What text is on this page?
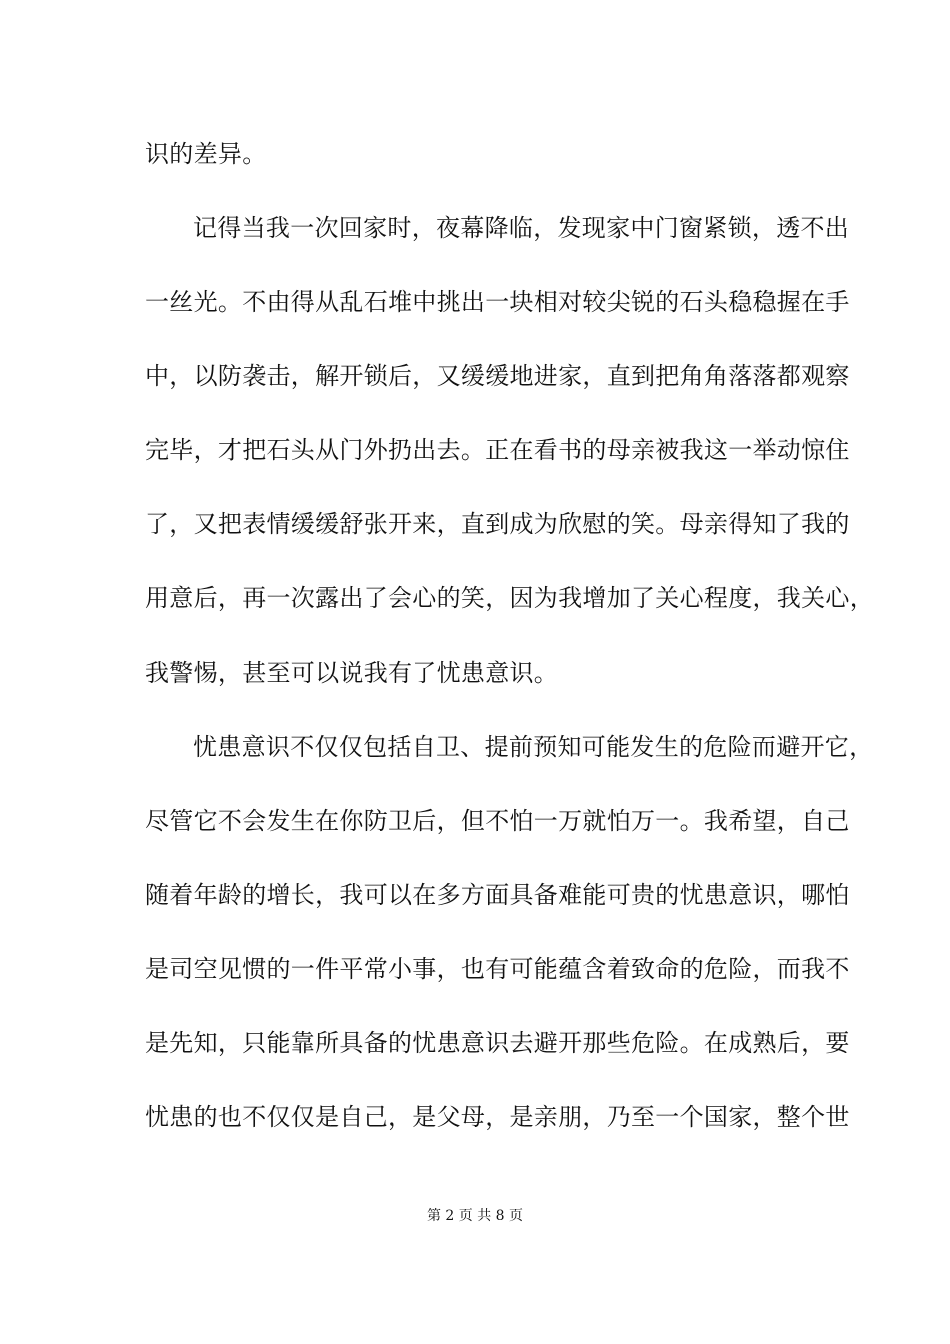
识的差异。
记得当我一次回家时，夜幕降临，发现家中门窗紧锁，透不出
一丝光。不由得从乱石堆中挑出一块相对较尖锐的石头稳稳握在手
中，以防袭击，解开锁后，又缓缓地进家，直到把角角落落都观察
完毕，才把石头从门外扔出去。正在看书的母亲被我这一举动惊住
了，又把表情缓缓舒张开来，直到成为欣慰的笑。母亲得知了我的
用意后，再一次露出了会心的笑，因为我增加了关心程度，我关心，
我警惕，甚至可以说我有了忧患意识。
忧患意识不仅仅包括自卫、提前预知可能发生的危险而避开它，
尽管它不会发生在你防卫后，但不怕一万就怕万一。我希望，自己
随着年龄的增长，我可以在多方面具备难能可贵的忧患意识，哪怕
是司空见惯的一件平常小事，也有可能蕴含着致命的危险，而我不
是先知，只能靠所具备的忧患意识去避开那些危险。在成熟后，要
忧患的也不仅仅是自己，是父母，是亲朋，乃至一个国家，整个世
第 2 页 共 8 页
